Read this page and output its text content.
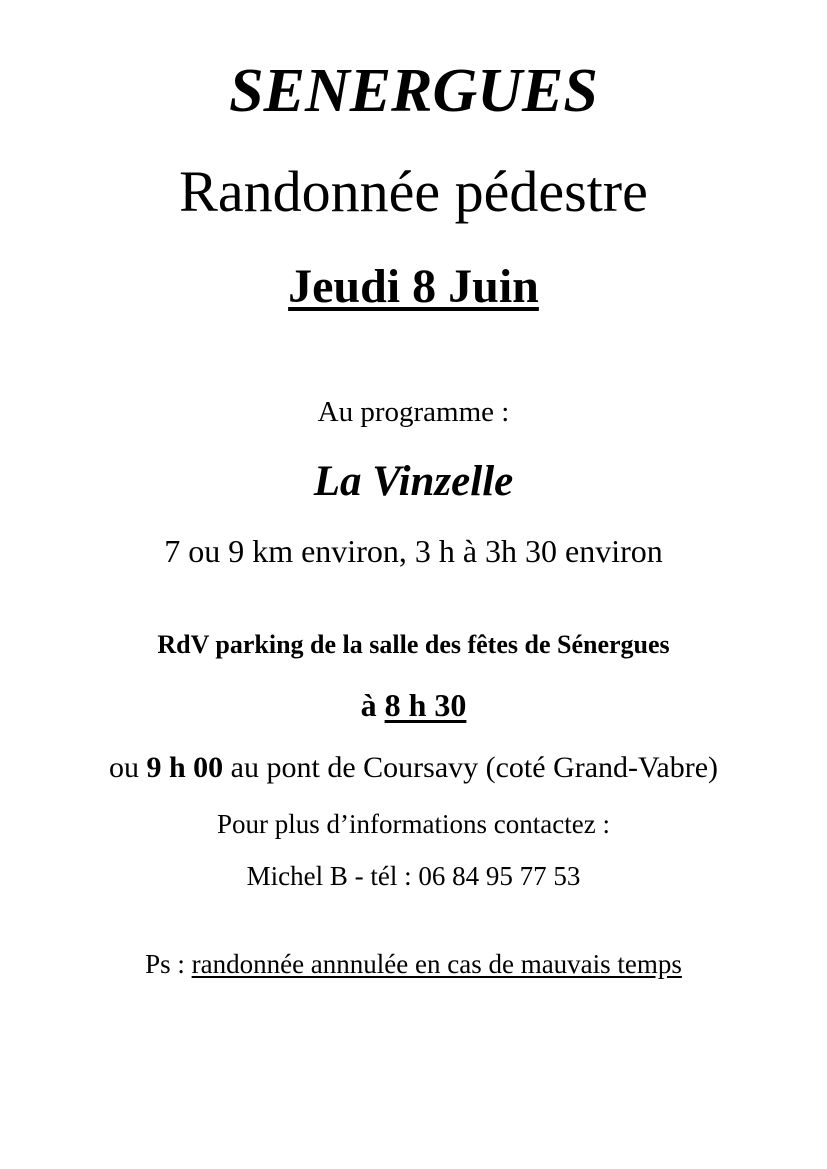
SENERGUES
Randonnée pédestre
Jeudi 8 Juin
Au programme :
La Vinzelle
7 ou 9 km environ, 3 h à 3h 30 environ
RdV parking de la salle des fêtes de Sénergues
à 8 h 30
ou 9 h 00 au pont de Coursavy (coté Grand-Vabre)
Pour plus d’informations contactez :
Michel B - tél : 06 84 95 77 53
Ps : randonnée annnulée en cas de mauvais temps
